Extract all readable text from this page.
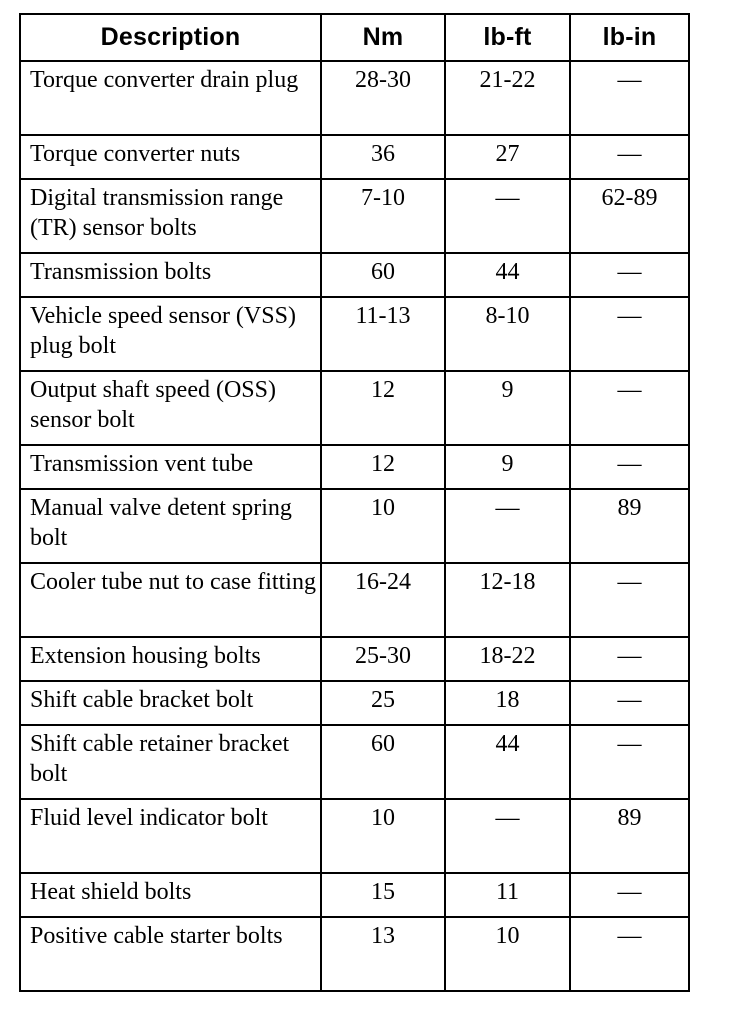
Description	Nm	lb-ft	lb-in
Torque converter drain plug	28-30	21-22	—
Torque converter nuts	36	27	—
Digital transmission range (TR) sensor bolts	7-10	—	62-89
Transmission bolts	60	44	—
Vehicle speed sensor (VSS) plug bolt	11-13	8-10	—
Output shaft speed (OSS) sensor bolt	12	9	—
Transmission vent tube	12	9	—
Manual valve detent spring bolt	10	—	89
Cooler tube nut to case fitting	16-24	12-18	—
Extension housing bolts	25-30	18-22	—
Shift cable bracket bolt	25	18	—
Shift cable retainer bracket bolt	60	44	—
Fluid level indicator bolt	10	—	89
Heat shield bolts	15	11	—
Positive cable starter bolts	13	10	—
